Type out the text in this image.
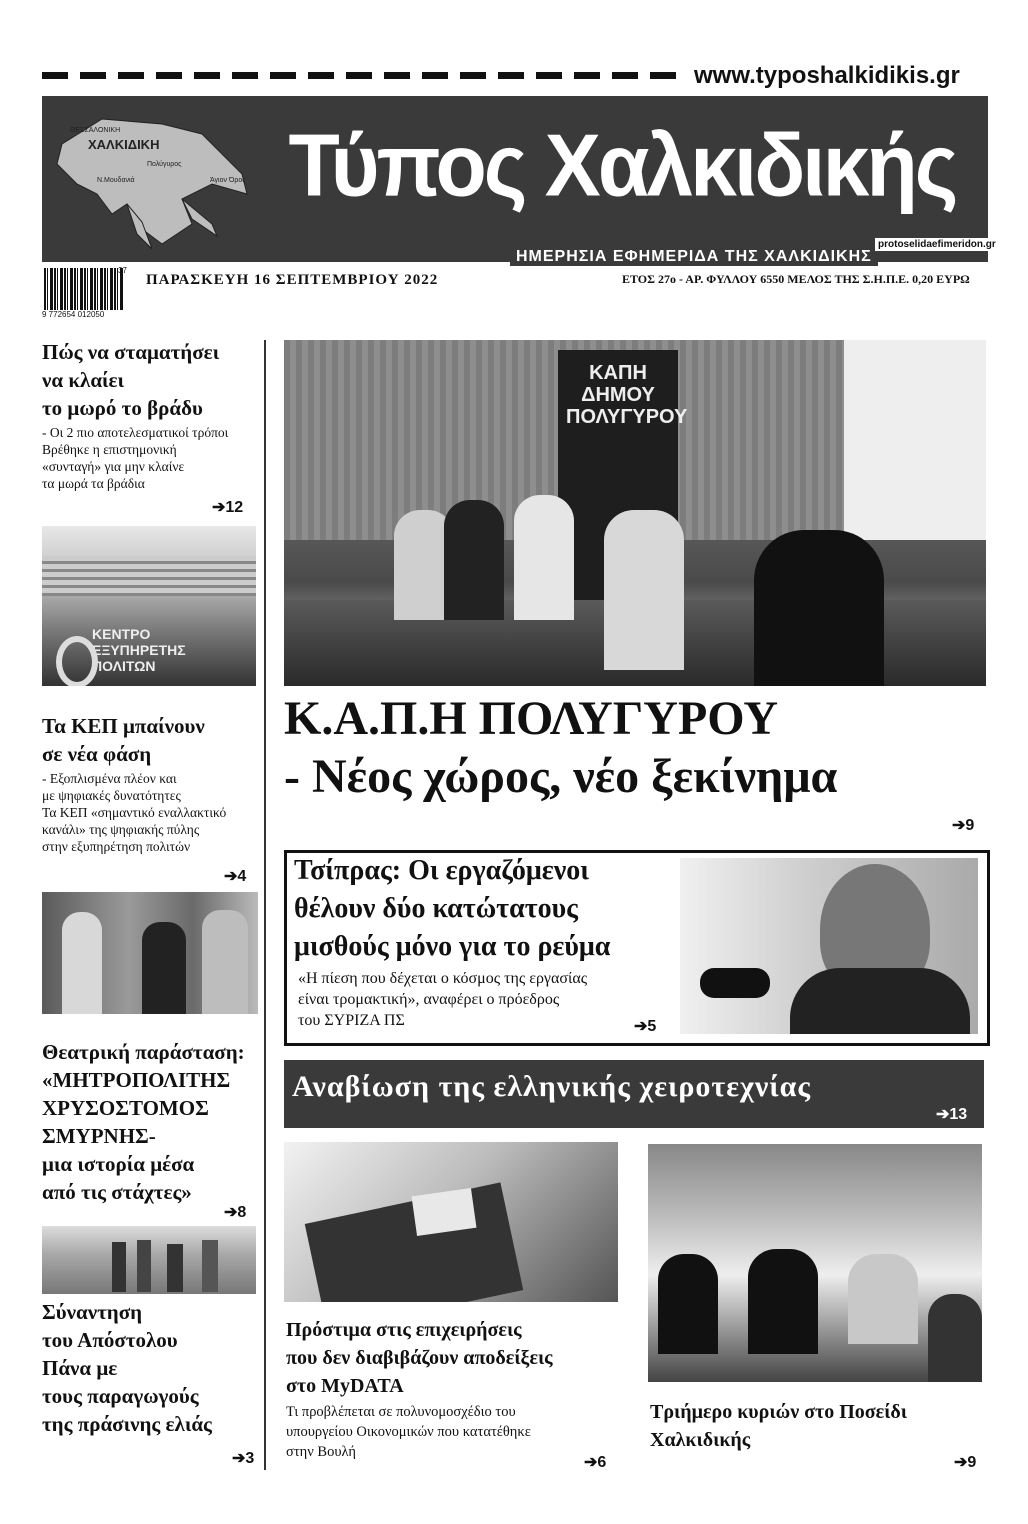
www.typoshalkidikis.gr
ΘΕΣΣΑΛΟΝΙΚΗ
ΧΑΛΚΙΔΙΚΗ
Πολύγυρος
Ν.Μουδανιά	Άγιον Όρος Τύπος Χαλκιδικής
ΗΜΕΡΗΣΙΑ ΕΦΗΜΕΡΙΔΑ ΤΗΣ ΧΑΛΚΙΔΙΚΗΣ
protoselidaefimeridon.gr
9 772654 012050
37
ΠΑΡΑΣΚΕΥΗ 16 ΣΕΠΤΕΜΒΡΙΟΥ 2022	ΕΤΟΣ 27ο - ΑΡ. ΦΥΛΛΟΥ 6550 ΜΕΛΟΣ ΤΗΣ Σ.Η.Π.Ε. 0,20 ΕΥΡΩ
Πώς να σταματήσει
να κλαίει
το μωρό το βράδυ
- Οι 2 πιο αποτελεσματικοί τρόποι
Βρέθηκε η επιστημονική
«συνταγή» για μην κλαίνε
τα μωρά τα βράδια
➔12
ΚΕΝΤΡΟ
ΕΞΥΠΗΡΕΤΗΣ
ΠΟΛΙΤΩΝ
Τα ΚΕΠ μπαίνουν
σε νέα φάση
- Εξοπλισμένα πλέον και
με ψηφιακές δυνατότητες
Τα ΚΕΠ «σημαντικό εναλλακτικό
κανάλι» της ψηφιακής πύλης
στην εξυπηρέτηση πολιτών
➔4
Θεατρική παράσταση:
«ΜΗΤΡΟΠΟΛΙΤΗΣ
ΧΡΥΣΟΣΤΟΜΟΣ
ΣΜΥΡΝΗΣ-
μια ιστορία μέσα
από τις στάχτες»
➔8
Σύναντηση
του Απόστολου
Πάνα με
τους παραγωγούς
της πράσινης ελιάς
➔3
ΚΑΠΗ
ΔΗΜΟΥ
ΠΟΛΥΓΥΡΟΥ
Κ.Α.Π.Η ΠΟΛΥΓΥΡΟΥ
- Νέος χώρος, νέο ξεκίνημα
➔9
Τσίπρας: Οι εργαζόμενοι
θέλουν δύο κατώτατους
μισθούς μόνο για το ρεύμα
«Η πίεση που δέχεται ο κόσμος της εργασίας
είναι τρομακτική», αναφέρει ο πρόεδρος
του ΣΥΡΙΖΑ ΠΣ	➔5
Αναβίωση της ελληνικής χειροτεχνίας
➔13
Πρόστιμα στις επιχειρήσεις
που δεν διαβιβάζουν αποδείξεις
στο MyDATA
Τι προβλέπεται σε πολυνομοσχέδιο του
υπουργείου Οικονομικών που κατατέθηκε
στην Βουλή
➔6
Τριήμερο κυριών στο Ποσείδι
Χαλκιδικής
➔9
